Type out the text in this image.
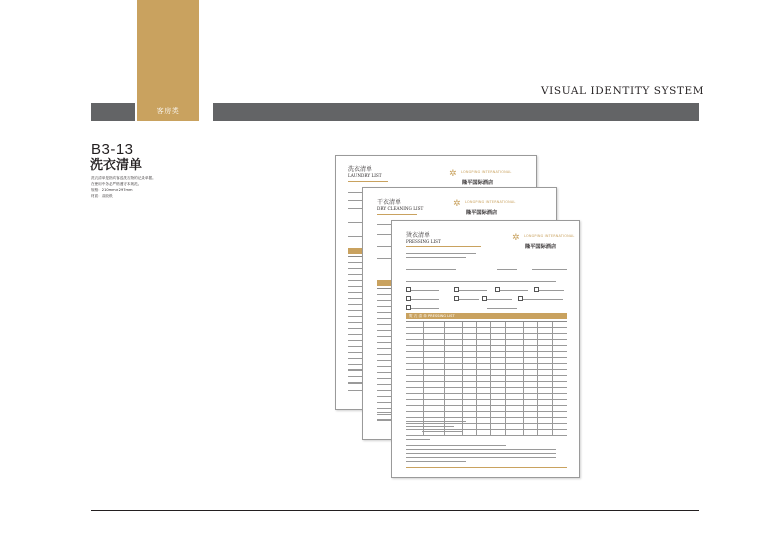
客房类
VISUAL IDENTITY SYSTEM
B3-13
洗衣清单
洗衣清单是指宾客送洗衣物的记录单据。
在使用中务必严格遵守本规范。
规格：210mm×297mm
材质：双胶纸
洗衣清单
LAUNDRY LIST	✲ LONGPING INTERNATIONAL
隆平国际酒店
干衣清单
DRY CLEANING LIST	✲ LONGPING INTERNATIONAL
隆平国际酒店
烫衣清单
PRESSING LIST	✲ LONGPING INTERNATIONAL
隆平国际酒店
熨 衣 清 单 PRESSING LIST
